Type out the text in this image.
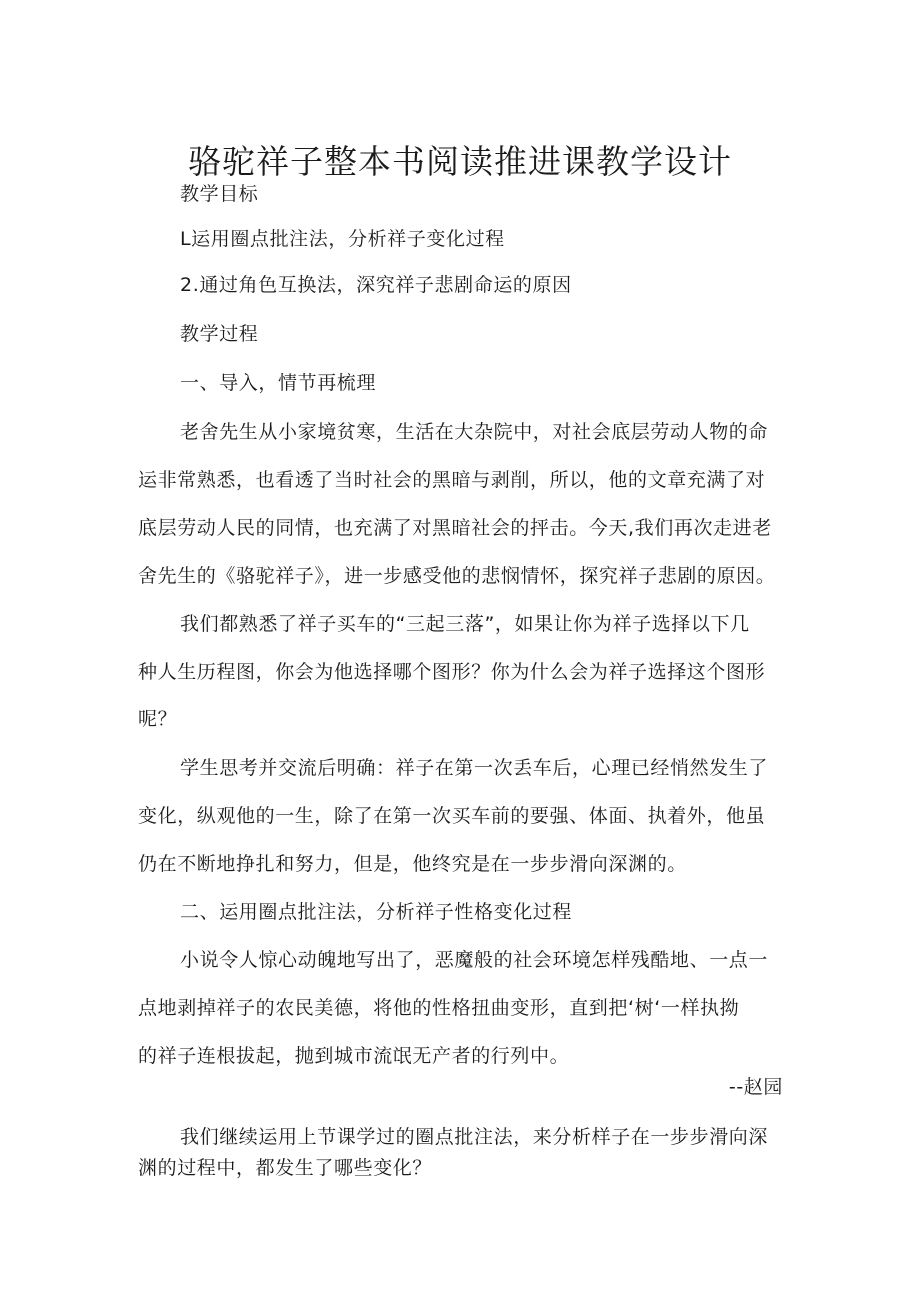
骆驼祥子整本书阅读推进课教学设计
教学目标
L运用圈点批注法，分析祥子变化过程
2.通过角色互换法，深究祥子悲剧命运的原因
教学过程
一、导入，情节再梳理
老舍先生从小家境贫寒，生活在大杂院中，对社会底层劳动人物的命
运非常熟悉，也看透了当时社会的黑暗与剥削，所以，他的文章充满了对
底层劳动人民的同情，也充满了对黑暗社会的抨击。今天,我们再次走进老
舍先生的《骆驼祥子》，进一步感受他的悲悯情怀，探究祥子悲剧的原因。
我们都熟悉了祥子买车的“三起三落”，如果让你为祥子选择以下几
种人生历程图，你会为他选择哪个图形？你为什么会为祥子选择这个图形
呢？
学生思考并交流后明确：祥子在第一次丢车后，心理已经悄然发生了
变化，纵观他的一生，除了在第一次买车前的要强、体面、执着外，他虽
仍在不断地挣扎和努力，但是，他终究是在一步步滑向深渊的。
二、运用圈点批注法，分析祥子性格变化过程
小说令人惊心动魄地写出了，恶魔般的社会环境怎样残酷地、一点一
点地剥掉祥子的农民美德，将他的性格扭曲变形，直到把‘树‘一样执拗
的祥子连根拔起，抛到城市流氓无产者的行列中。
--赵园
我们继续运用上节课学过的圈点批注法，来分析样子在一步步滑向深
渊的过程中，都发生了哪些变化？
